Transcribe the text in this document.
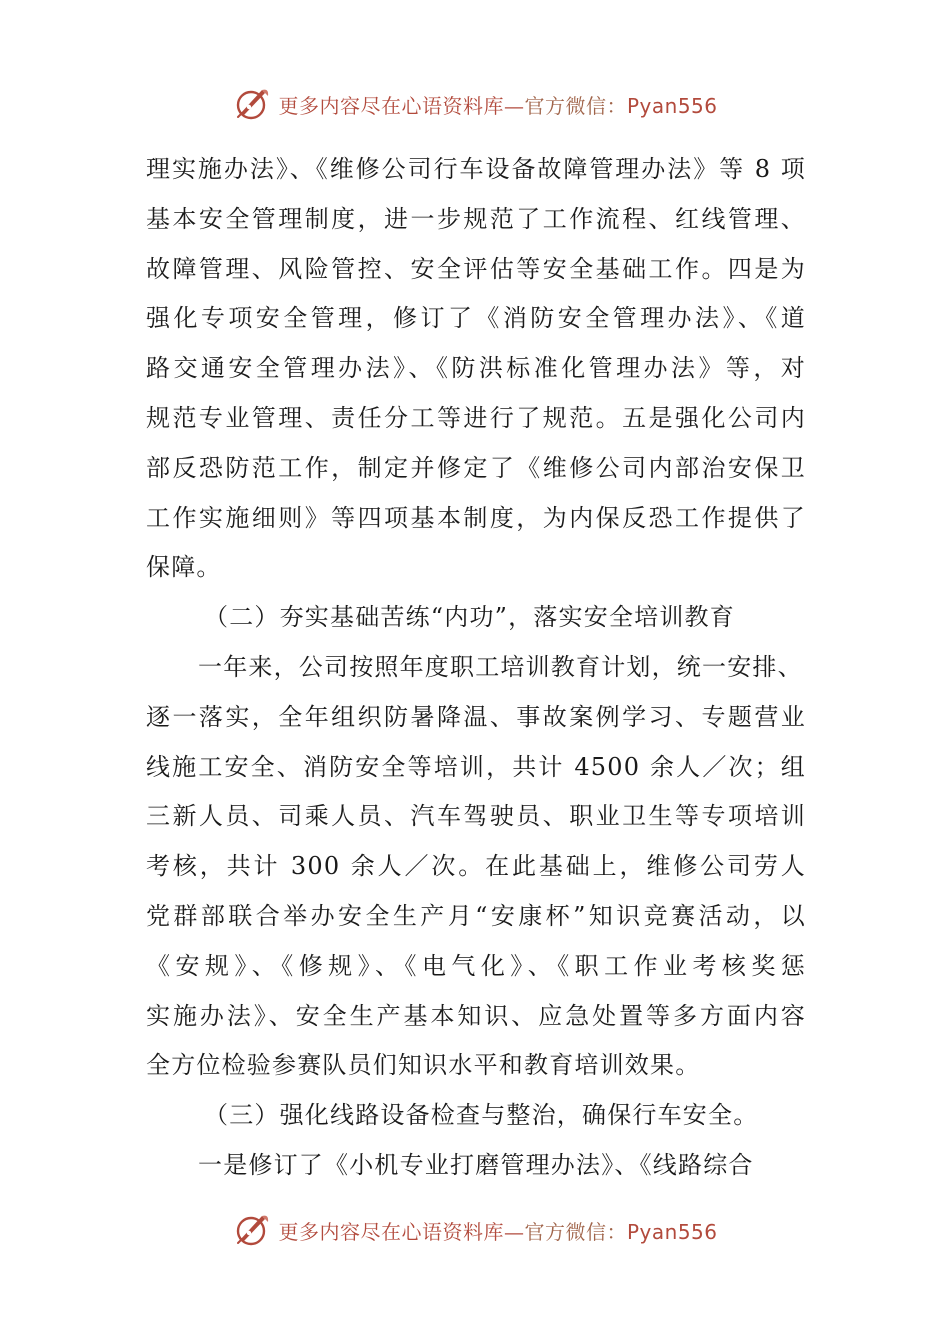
更多内容尽在心语资料库—官方微信：Pyan556
理实施办法》、《维修公司行车设备故障管理办法》等 8 项
基本安全管理制度，进一步规范了工作流程、红线管理、
故障管理、风险管控、安全评估等安全基础工作。四是为
强化专项安全管理，修订了《消防安全管理办法》、《道
路交通安全管理办法》、《防洪标准化管理办法》等，对
规范专业管理、责任分工等进行了规范。五是强化公司内
部反恐防范工作，制定并修定了《维修公司内部治安保卫
工作实施细则》等四项基本制度，为内保反恐工作提供了
保障。
（二）夯实基础苦练“内功”，落实安全培训教育
一年来，公司按照年度职工培训教育计划，统一安排、
逐一落实，全年组织防暑降温、事故案例学习、专题营业
线施工安全、消防安全等培训，共计 4500 余人／次；组
三新人员、司乘人员、汽车驾驶员、职业卫生等专项培训
考核，共计 300 余人／次。在此基础上，维修公司劳人
党群部联合举办安全生产月“安康杯”知识竞赛活动，以
《安规》、《修规》、《电气化》、《职工作业考核奖惩
实施办法》、安全生产基本知识、应急处置等多方面内容
全方位检验参赛队员们知识水平和教育培训效果。
（三）强化线路设备检查与整治，确保行车安全。
一是修订了《小机专业打磨管理办法》、《线路综合
更多内容尽在心语资料库—官方微信：Pyan556
